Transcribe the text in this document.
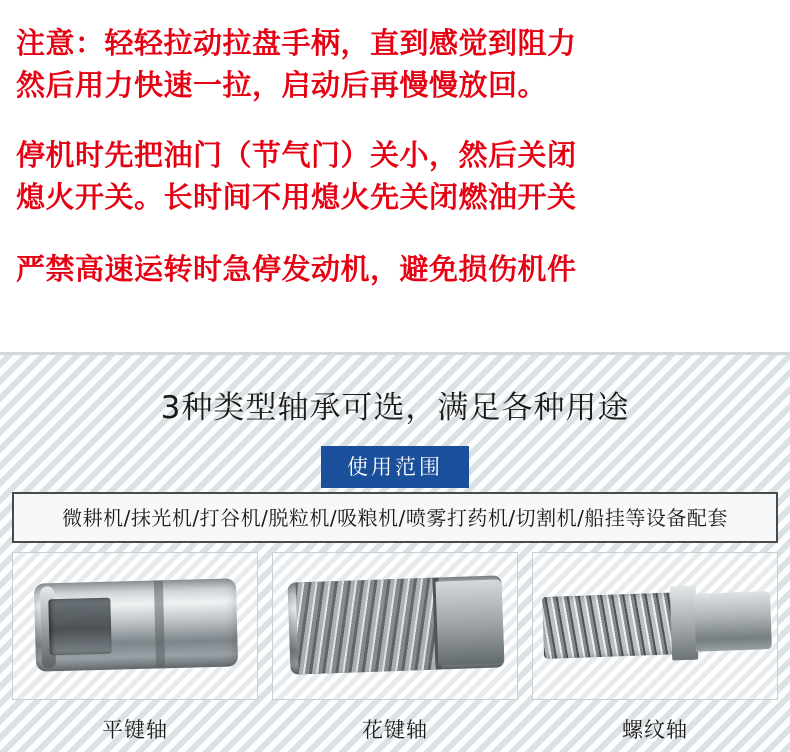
注意：轻轻拉动拉盘手柄，直到感觉到阻力
然后用力快速一拉，启动后再慢慢放回。
停机时先把油门（节气门）关小，然后关闭
熄火开关。长时间不用熄火先关闭燃油开关
严禁高速运转时急停发动机，避免损伤机件
3种类型轴承可选，满足各种用途
使用范围
微耕机/抹光机/打谷机/脱粒机/吸粮机/喷雾打药机/切割机/船挂等设备配套
平键轴	花键轴	螺纹轴
